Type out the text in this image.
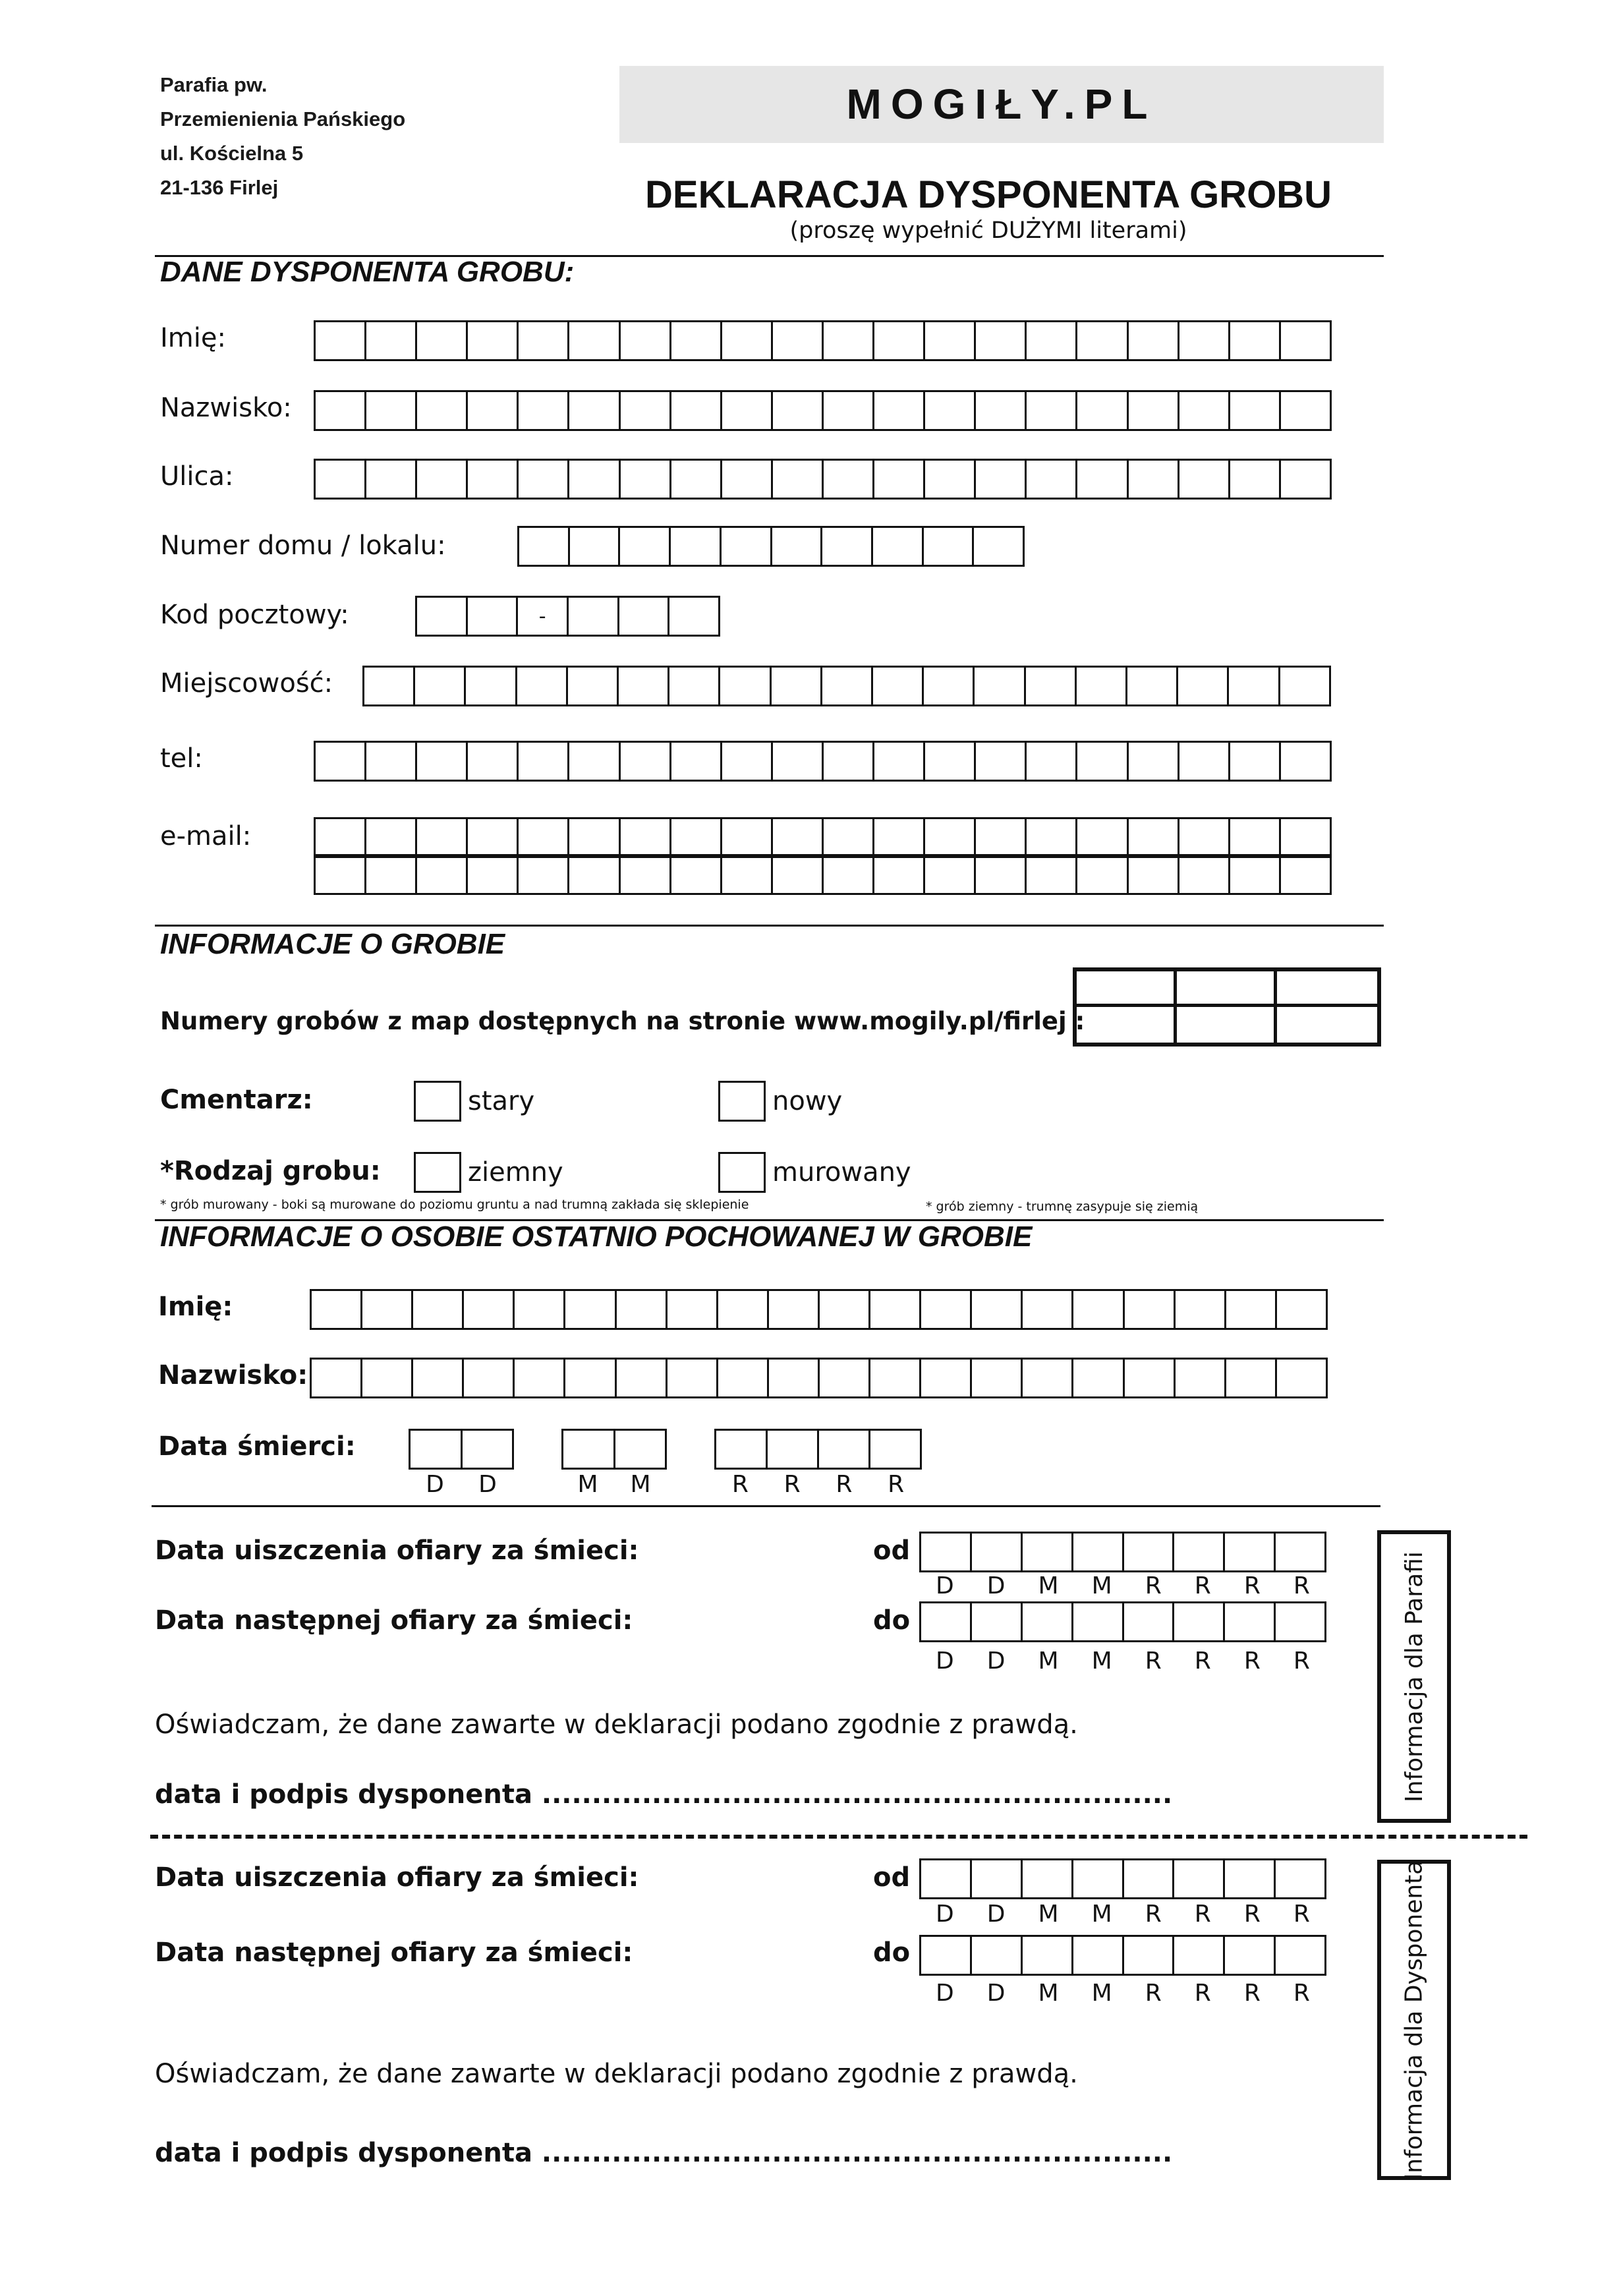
Parafia pw.
Przemienienia Pańskiego
ul. Kościelna 5
21-136 Firlej
MOGIŁY.PL
DEKLARACJA DYSPONENTA GROBU
(proszę wypełnić DUŻYMI literami)
DANE DYSPONENTA GROBU:
Imię:
Nazwisko:
Ulica:
Numer domu / lokalu:
Kod pocztowy:	-
Miejscowość:
tel:
e-mail:
INFORMACJE O GROBIE
Numery grobów z map dostępnych na stronie www.mogily.pl/firlej :
Cmentarz:	stary	nowy
*Rodzaj grobu:	ziemny	murowany
* grób murowany - boki są murowane do poziomu gruntu a nad trumną zakłada się sklepienie	* grób ziemny - trumnę zasypuje się ziemią
INFORMACJE O OSOBIE OSTATNIO POCHOWANEJ W GROBIE
Imię:
Nazwisko:
Data śmierci:
D D	M M	R R R R
Data uiszczenia ofiary za śmieci:	od
D D M M R R R R
Data następnej ofiary za śmieci:	do
D D M M R R R R
Oświadczam, że dane zawarte w deklaracji podano zgodnie z prawdą.
data i podpis dysponenta ...............................................................	Informacja dla Parafii
Data uiszczenia ofiary za śmieci:	od
D D M M R R R R
Data następnej ofiary za śmieci:	do
D D M M R R R R
Oświadczam, że dane zawarte w deklaracji podano zgodnie z prawdą.
data i podpis dysponenta ...............................................................	Informacja dla Dysponenta
